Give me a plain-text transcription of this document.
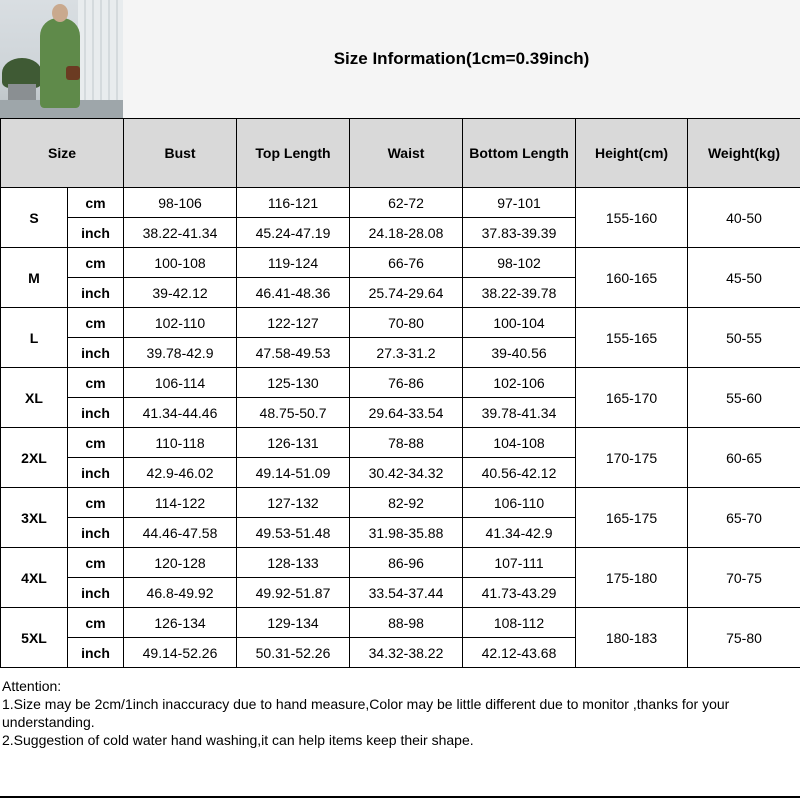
Size Information(1cm=0.39inch)
Size		Bust	Top Length	Waist	Bottom Length	Height(cm)	Weight(kg)
S	cm	98-106	116-121	62-72	97-101	155-160	40-50
	inch	38.22-41.34	45.24-47.19	24.18-28.08	37.83-39.39		
M	cm	100-108	119-124	66-76	98-102	160-165	45-50
	inch	39-42.12	46.41-48.36	25.74-29.64	38.22-39.78		
L	cm	102-110	122-127	70-80	100-104	155-165	50-55
	inch	39.78-42.9	47.58-49.53	27.3-31.2	39-40.56		
XL	cm	106-114	125-130	76-86	102-106	165-170	55-60
	inch	41.34-44.46	48.75-50.7	29.64-33.54	39.78-41.34		
2XL	cm	110-118	126-131	78-88	104-108	170-175	60-65
	inch	42.9-46.02	49.14-51.09	30.42-34.32	40.56-42.12		
3XL	cm	114-122	127-132	82-92	106-110	165-175	65-70
	inch	44.46-47.58	49.53-51.48	31.98-35.88	41.34-42.9		
4XL	cm	120-128	128-133	86-96	107-111	175-180	70-75
	inch	46.8-49.92	49.92-51.87	33.54-37.44	41.73-43.29		
5XL	cm	126-134	129-134	88-98	108-112	180-183	75-80
	inch	49.14-52.26	50.31-52.26	34.32-38.22	42.12-43.68		
Attention:
1.Size may be 2cm/1inch inaccuracy due to hand measure,Color may be little different due to monitor ,thanks for your understanding.
2.Suggestion of cold water hand washing,it can help items keep their shape.
